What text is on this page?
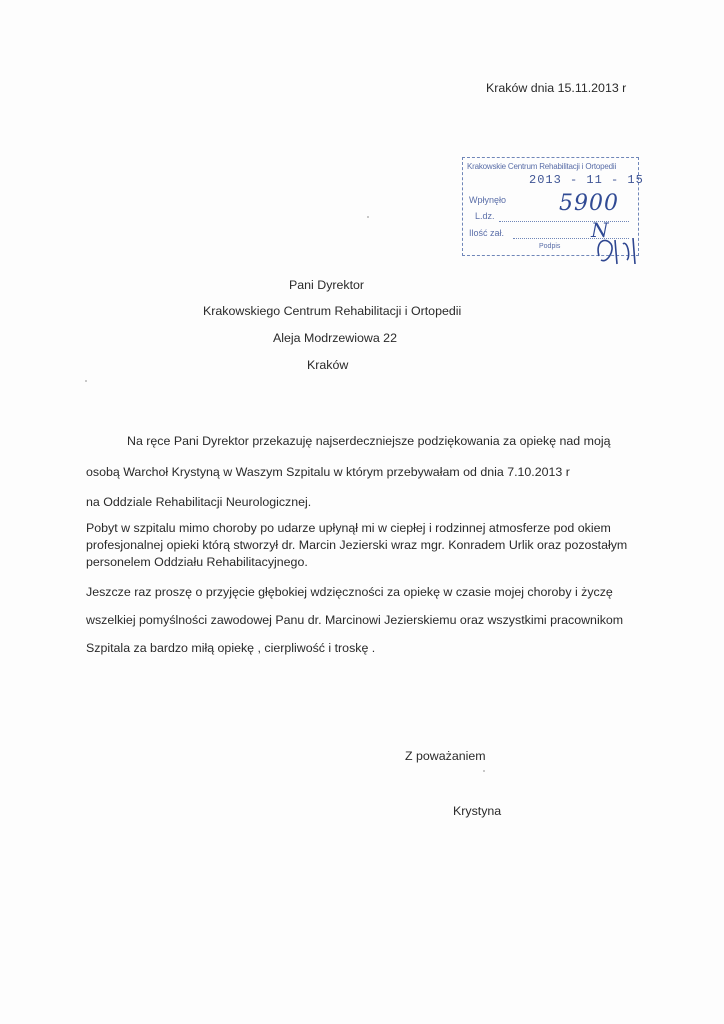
Kraków dnia 15.11.2013 r
Krakowskie Centrum Rehabilitacji i Ortopedii
2013 - 11 - 15
Wpłynęło
L.dz.	5900
Ilość zał.	N
Podpis
Pani Dyrektor
Krakowskiego Centrum Rehabilitacji i Ortopedii
Aleja Modrzewiowa 22
Kraków
Na ręce Pani Dyrektor przekazuję najserdeczniejsze podziękowania za opiekę nad moją
osobą Warchoł Krystyną w Waszym Szpitalu w którym przebywałam od dnia 7.10.2013 r
na Oddziale Rehabilitacji Neurologicznej.
Pobyt w szpitalu mimo choroby po udarze upłynął mi w ciepłej i rodzinnej atmosferze pod okiem profesjonalnej opieki którą stworzył dr. Marcin Jezierski wraz mgr. Konradem Urlik oraz pozostałym personelem Oddziału Rehabilitacyjnego.
Jeszcze raz proszę o przyjęcie głębokiej wdzięczności za opiekę w czasie mojej choroby i życzę
wszelkiej pomyślności zawodowej Panu dr. Marcinowi Jezierskiemu oraz wszystkimi pracownikom
Szpitala za bardzo miłą opiekę , cierpliwość i troskę .
Z poważaniem
Krystyna
